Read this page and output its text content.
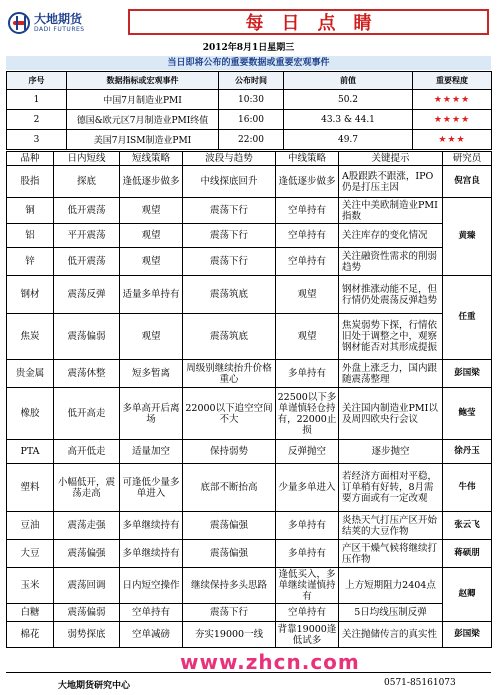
大地期货
DADI FUTURES	每日点睛
2012年8月1日星期三
当日即将公布的重要数据或重要宏观事件
序号	数据指标或宏观事件	公布时间	前值	重要程度
1	中国7月制造业PMI	10:30	50.2	★★★★
2	德国&欧元区7月制造业PMI终值	16:00	43.3 & 44.1	★★★★
3	美国7月ISM制造业PMI	22:00	49.7	★★★
品种	日内短线	短线策略	波段与趋势	中线策略	关键提示	研究员
股指	探底	逢低逐步做多	中线探底回升	逢低逐步做多	A股跟跌不跟涨，IPO仍是打压主因	倪宫良
铜	低开震荡	观望	震荡下行	空单持有	关注中美欧制造业PMI指数	黄臻
铝	平开震荡	观望	震荡下行	空单持有	关注库存的变化情况	
锌	低开震荡	观望	震荡下行	空单持有	关注融资性需求的削弱趋势	
钢材	震荡反弹	适量多单持有	震荡筑底	观望	钢材推涨动能不足，但行情仍处震荡反弹趋势	任重
焦炭	震荡偏弱	观望	震荡筑底	观望	焦炭弱势下探，行情依旧处于调整之中，观察钢材能否对其形成提振	
贵金属	震荡休整	短多暂离	周级别继续抬升价格重心	多单持有	外盘上涨乏力，国内跟随震荡整理	彭国梁
橡胶	低开高走	多单高开后离场	22000以下追空空间不大	22500以下多单谨慎轻仓持有，22000止损	关注国内制造业PMI以及周四欧央行会议	鲍莹
PTA	高开低走	适量加空	保持弱势	反弹抛空	逐步抛空	徐丹玉
塑料	小幅低开，震荡走高	可逢低少量多单进入	底部不断抬高	少量多单进入	若经济方面相对平稳，订单稍有好转，8月需要方面或有一定改观	牛伟
豆油	震荡走强	多单继续持有	震荡偏强	多单持有	炎热天气打压产区开始结荚的大豆作物	张云飞
大豆	震荡偏强	多单继续持有	震荡偏强	多单持有	产区干燥气候将继续打压作物	蒋硕朋
玉米	震荡回调	日内短空操作	继续保持多头思路	逢低买入，多单继续谨慎持有	上方短期阻力2404点	赵卿
白糖	震荡偏弱	空单持有	震荡下行	空单持有	5日均线压制反弹	
棉花	弱势探底	空单减磅	夯实19000一线	背靠19000逢低试多	关注抛储传言的真实性	彭国梁
www.zhcn.com
大地期货研究中心	0571-85161073
